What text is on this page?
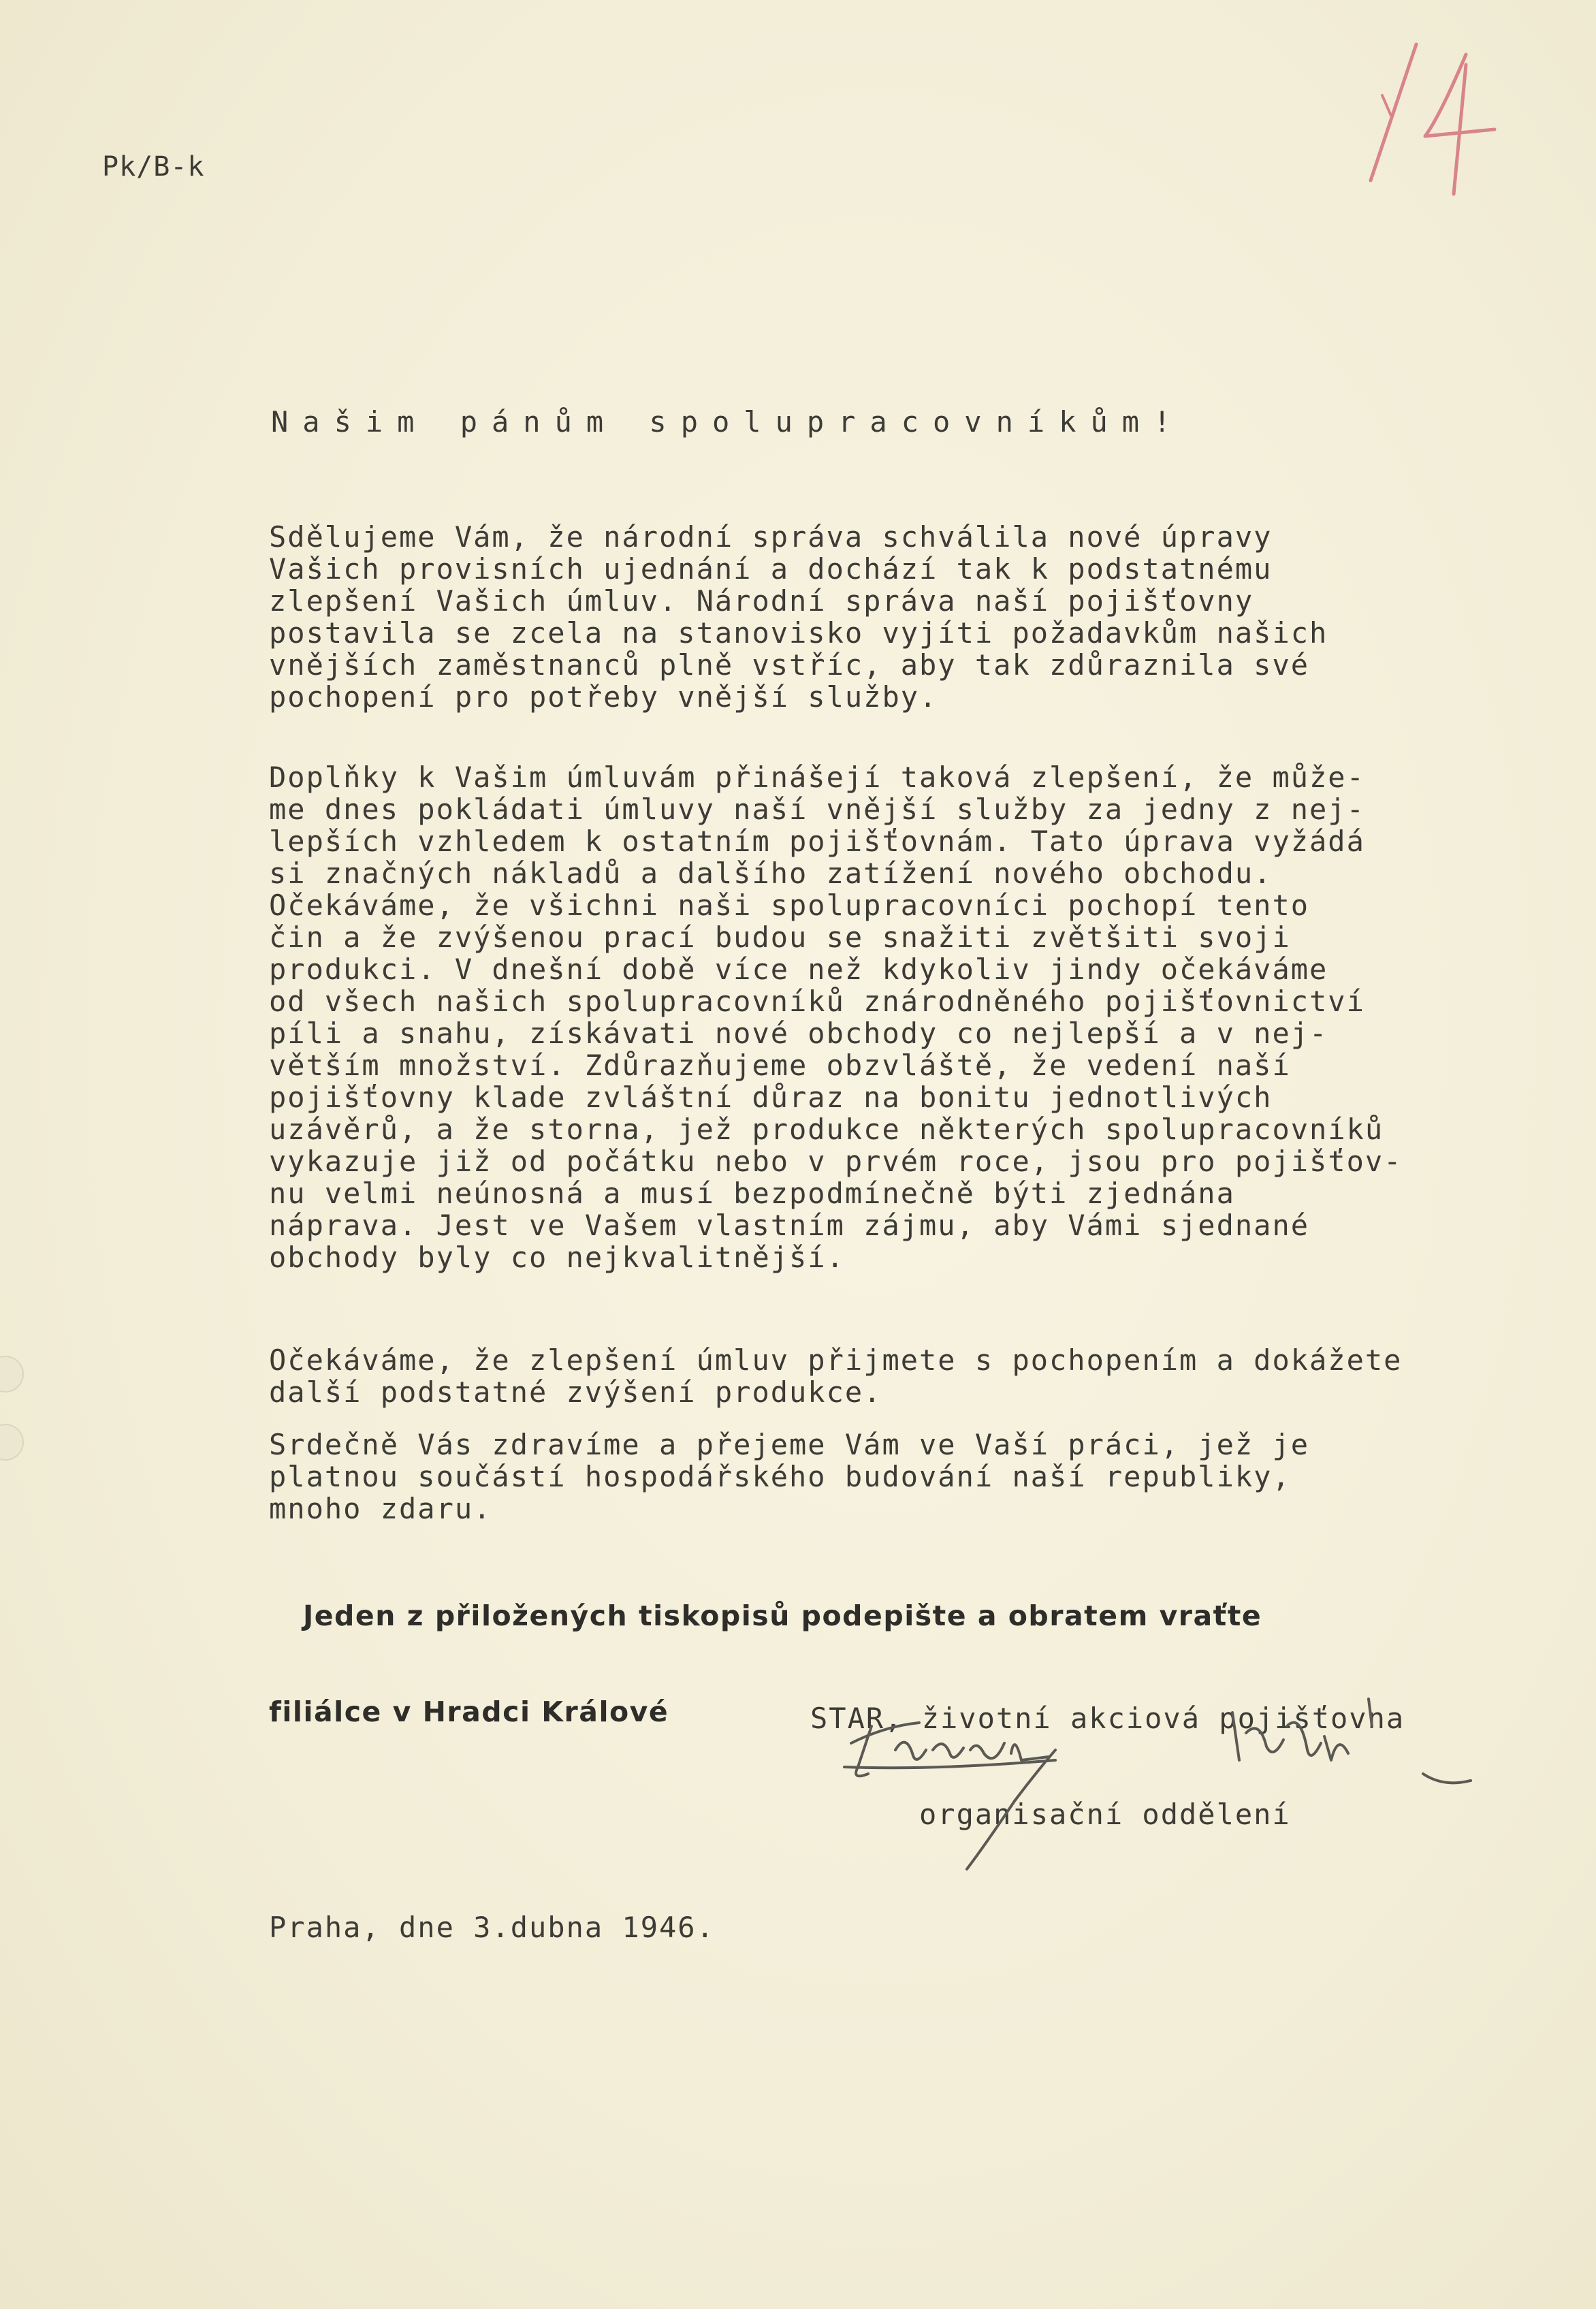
Pk/B-k
Našim pánům spolupracovníkům!
Sdělujeme Vám, že národní správa schválila nové úpravy
Vašich provisních ujednání a dochází tak k podstatnému
zlepšení Vašich úmluv. Národní správa naší pojišťovny
postavila se zcela na stanovisko vyjíti požadavkům našich
vnějších zaměstnanců plně vstříc, aby tak zdůraznila své
pochopení pro potřeby vnější služby.
Doplňky k Vašim úmluvám přinášejí taková zlepšení, že může-
me dnes pokládati úmluvy naší vnější služby za jedny z nej-
lepších vzhledem k ostatním pojišťovnám. Tato úprava vyžádá
si značných nákladů a dalšího zatížení nového obchodu.
Očekáváme, že všichni naši spolupracovníci pochopí tento
čin a že zvýšenou prací budou se snažiti zvětšiti svoji
produkci. V dnešní době více než kdykoliv jindy očekáváme
od všech našich spolupracovníků znárodněného pojišťovnictví
píli a snahu, získávati nové obchody co nejlepší a v nej-
větším množství. Zdůrazňujeme obzvláště, že vedení naší
pojišťovny klade zvláštní důraz na bonitu jednotlivých
uzávěrů, a že storna, jež produkce některých spolupracovníků
vykazuje již od počátku nebo v prvém roce, jsou pro pojišťov-
nu velmi neúnosná a musí bezpodmínečně býti zjednána
náprava. Jest ve Vašem vlastním zájmu, aby Vámi sjednané
obchody byly co nejkvalitnější.
Očekáváme, že zlepšení úmluv přijmete s pochopením a dokážete
další podstatné zvýšení produkce.
Srdečně Vás zdravíme a přejeme Vám ve Vaší práci, jež je
platnou součástí hospodářského budování naší republiky,
mnoho zdaru.

Jeden z přiložených tiskopisů podepište a obratem vraťte

filiálce v Hradci Králové

	STAR, životní akciová pojišťovna

organisační oddělení

Praha, dne 3.dubna 1946.
